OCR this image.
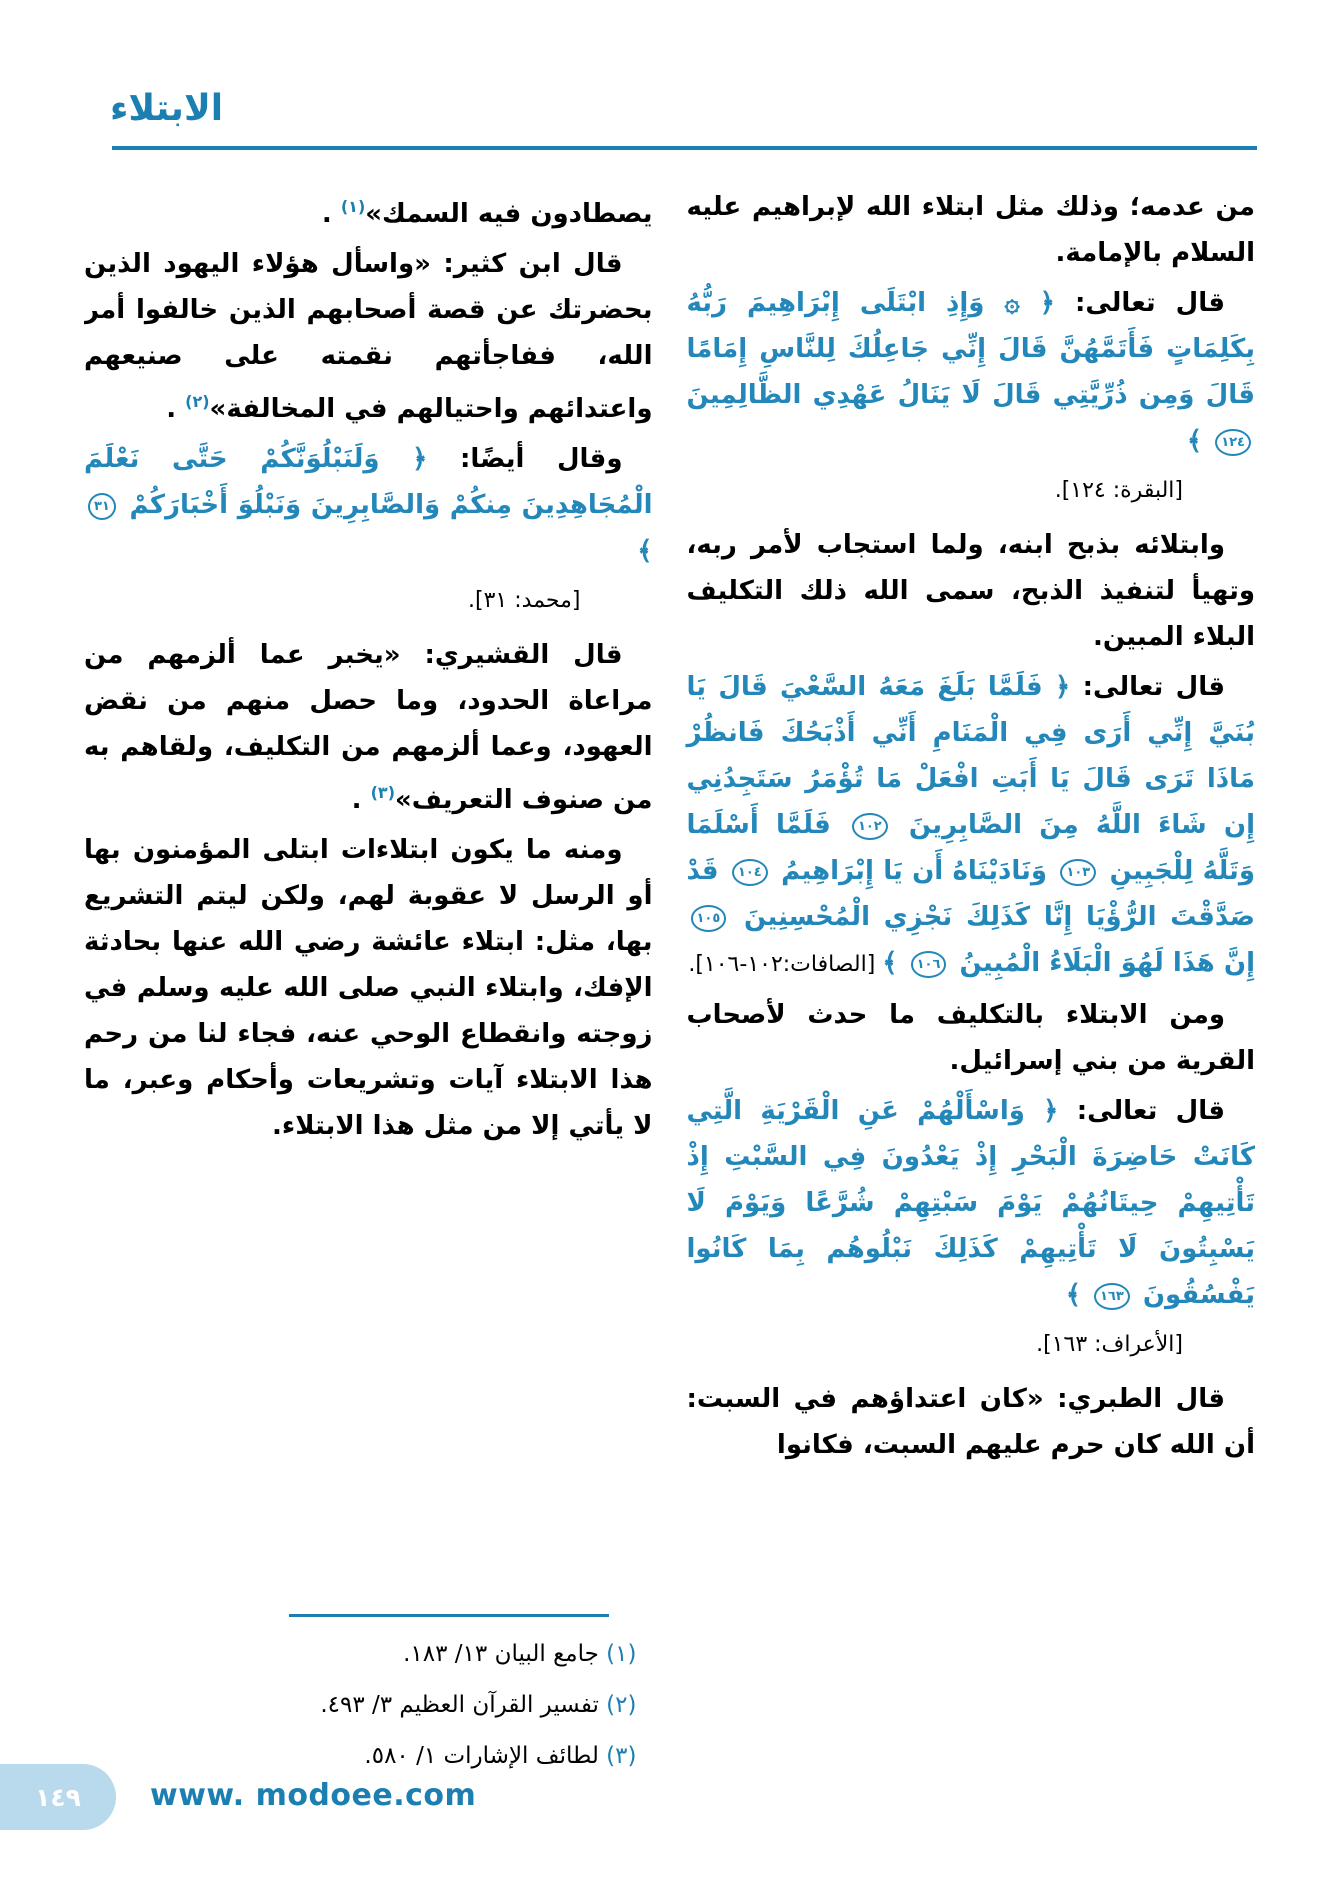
الابتلاء

من عدمه؛ وذلك مثل ابتلاء الله لإبراهيم عليه السلام بالإمامة.

قال تعالى: ﴿ ۞ وَإِذِ ابْتَلَى إِبْرَاهِيمَ رَبُّهُ بِكَلِمَاتٍ فَأَتَمَّهُنَّ قَالَ إِنِّي جَاعِلُكَ لِلنَّاسِ إِمَامًا قَالَ وَمِن ذُرِّيَّتِي قَالَ لَا يَنَالُ عَهْدِي الظَّالِمِينَ ١٢٤ ﴾
[البقرة: ١٢٤].

وابتلائه بذبح ابنه، ولما استجاب لأمر ربه، وتهيأ لتنفيذ الذبح، سمى الله ذلك التكليف البلاء المبين.

قال تعالى: ﴿ فَلَمَّا بَلَغَ مَعَهُ السَّعْيَ قَالَ يَا بُنَيَّ إِنِّي أَرَى فِي الْمَنَامِ أَنِّي أَذْبَحُكَ فَانظُرْ مَاذَا تَرَى قَالَ يَا أَبَتِ افْعَلْ مَا تُؤْمَرُ سَتَجِدُنِي إِن شَاءَ اللَّهُ مِنَ الصَّابِرِينَ ١٠٢ فَلَمَّا أَسْلَمَا وَتَلَّهُ لِلْجَبِينِ ١٠٣ وَنَادَيْنَاهُ أَن يَا إِبْرَاهِيمُ ١٠٤ قَدْ صَدَّقْتَ الرُّؤْيَا إِنَّا كَذَلِكَ نَجْزِي الْمُحْسِنِينَ ١٠٥ إِنَّ هَذَا لَهُوَ الْبَلَاءُ الْمُبِينُ ١٠٦ ﴾ [الصافات:١٠٢-١٠٦].

ومن الابتلاء بالتكليف ما حدث لأصحاب القرية من بني إسرائيل.

قال تعالى: ﴿ وَاسْأَلْهُمْ عَنِ الْقَرْيَةِ الَّتِي كَانَتْ حَاضِرَةَ الْبَحْرِ إِذْ يَعْدُونَ فِي السَّبْتِ إِذْ تَأْتِيهِمْ حِيتَانُهُمْ يَوْمَ سَبْتِهِمْ شُرَّعًا وَيَوْمَ لَا يَسْبِتُونَ لَا تَأْتِيهِمْ كَذَلِكَ نَبْلُوهُم بِمَا كَانُوا يَفْسُقُونَ ١٦٣ ﴾
[الأعراف: ١٦٣].

قال الطبري: «كان اعتداؤهم في السبت: أن الله كان حرم عليهم السبت، فكانوا

يصطادون فيه السمك»$^{(١)}$ .

قال ابن كثير: «واسأل هؤلاء اليهود الذين بحضرتك عن قصة أصحابهم الذين خالفوا أمر الله، ففاجأتهم نقمته على صنيعهم واعتدائهم واحتيالهم في المخالفة»$^{(٢)}$ .

وقال أيضًا: ﴿ وَلَنَبْلُوَنَّكُمْ حَتَّى نَعْلَمَ الْمُجَاهِدِينَ مِنكُمْ وَالصَّابِرِينَ وَنَبْلُوَ أَخْبَارَكُمْ ٣١ ﴾
[محمد: ٣١].

قال القشيري: «يخبر عما ألزمهم من مراعاة الحدود، وما حصل منهم من نقض العهود، وعما ألزمهم من التكليف، ولقاهم به من صنوف التعريف»$^{(٣)}$ .

ومنه ما يكون ابتلاءات ابتلى المؤمنون بها أو الرسل لا عقوبة لهم، ولكن ليتم التشريع بها، مثل: ابتلاء عائشة رضي الله عنها بحادثة الإفك، وابتلاء النبي صلى الله عليه وسلم في زوجته وانقطاع الوحي عنه، فجاء لنا من رحم هذا الابتلاء آيات وتشريعات وأحكام وعبر، ما لا يأتي إلا من مثل هذا الابتلاء.

(١) جامع البيان ١٣/ ١٨٣.
(٢) تفسير القرآن العظيم ٣/ ٤٩٣.
(٣) لطائف الإشارات ١/ ٥٨٠.
١٤٩ www. modoee.com
